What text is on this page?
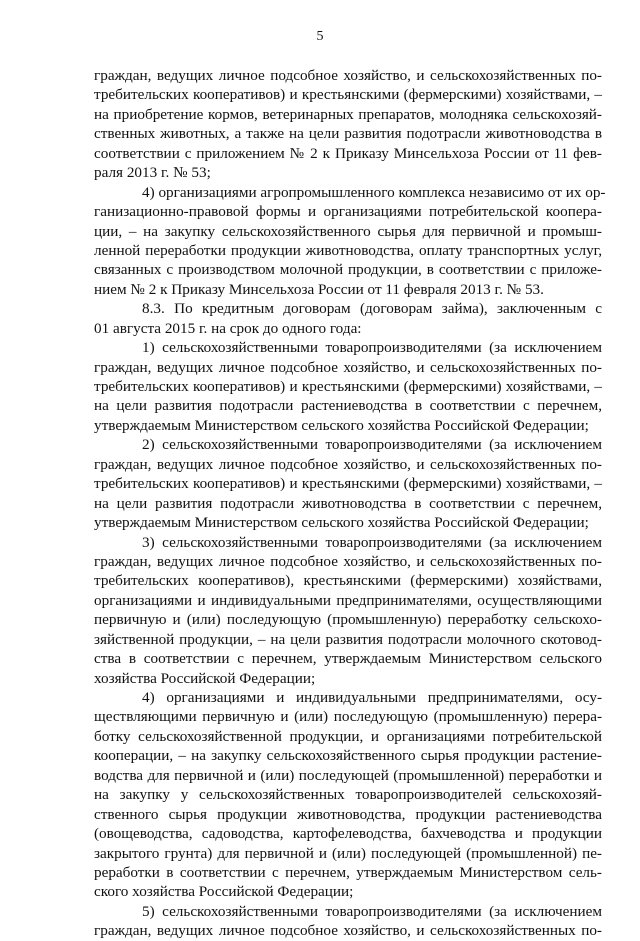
5
граждан, ведущих личное подсобное хозяйство, и сельскохозяйственных по-
требительских кооперативов) и крестьянскими (фермерскими) хозяйствами, –
на приобретение кормов, ветеринарных препаратов, молодняка сельскохозяй-
ственных животных, а также на цели развития подотрасли животноводства в
соответствии с приложением № 2 к Приказу Минсельхоза России от 11 фев-
раля 2013 г. № 53;
4) организациями агропромышленного комплекса независимо от их ор-
ганизационно-правовой формы и организациями потребительской коопера-
ции, – на закупку сельскохозяйственного сырья для первичной и промыш-
ленной переработки продукции животноводства, оплату транспортных услуг,
связанных с производством молочной продукции, в соответствии с приложе-
нием № 2 к Приказу Минсельхоза России от 11 февраля 2013 г. № 53.
8.3. По кредитным договорам (договорам займа), заключенным с
01 августа 2015 г. на срок до одного года:
1) сельскохозяйственными товаропроизводителями (за исключением
граждан, ведущих личное подсобное хозяйство, и сельскохозяйственных по-
требительских кооперативов) и крестьянскими (фермерскими) хозяйствами, –
на цели развития подотрасли растениеводства в соответствии с перечнем,
утверждаемым Министерством сельского хозяйства Российской Федерации;
2) сельскохозяйственными товаропроизводителями (за исключением
граждан, ведущих личное подсобное хозяйство, и сельскохозяйственных по-
требительских кооперативов) и крестьянскими (фермерскими) хозяйствами, –
на цели развития подотрасли животноводства в соответствии с перечнем,
утверждаемым Министерством сельского хозяйства Российской Федерации;
3) сельскохозяйственными товаропроизводителями (за исключением
граждан, ведущих личное подсобное хозяйство, и сельскохозяйственных по-
требительских кооперативов), крестьянскими (фермерскими) хозяйствами,
организациями и индивидуальными предпринимателями, осуществляющими
первичную и (или) последующую (промышленную) переработку сельскохо-
зяйственной продукции, – на цели развития подотрасли молочного скотовод-
ства в соответствии с перечнем, утверждаемым Министерством сельского
хозяйства Российской Федерации;
4) организациями и индивидуальными предпринимателями, осу-
ществляющими первичную и (или) последующую (промышленную) перера-
ботку сельскохозяйственной продукции, и организациями потребительской
кооперации, – на закупку сельскохозяйственного сырья продукции растение-
водства для первичной и (или) последующей (промышленной) переработки и
на закупку у сельскохозяйственных товаропроизводителей сельскохозяй-
ственного сырья продукции животноводства, продукции растениеводства
(овощеводства, садоводства, картофелеводства, бахчеводства и продукции
закрытого грунта) для первичной и (или) последующей (промышленной) пе-
реработки в соответствии с перечнем, утверждаемым Министерством сель-
ского хозяйства Российской Федерации;
5) сельскохозяйственными товаропроизводителями (за исключением
граждан, ведущих личное подсобное хозяйство, и сельскохозяйственных по-
